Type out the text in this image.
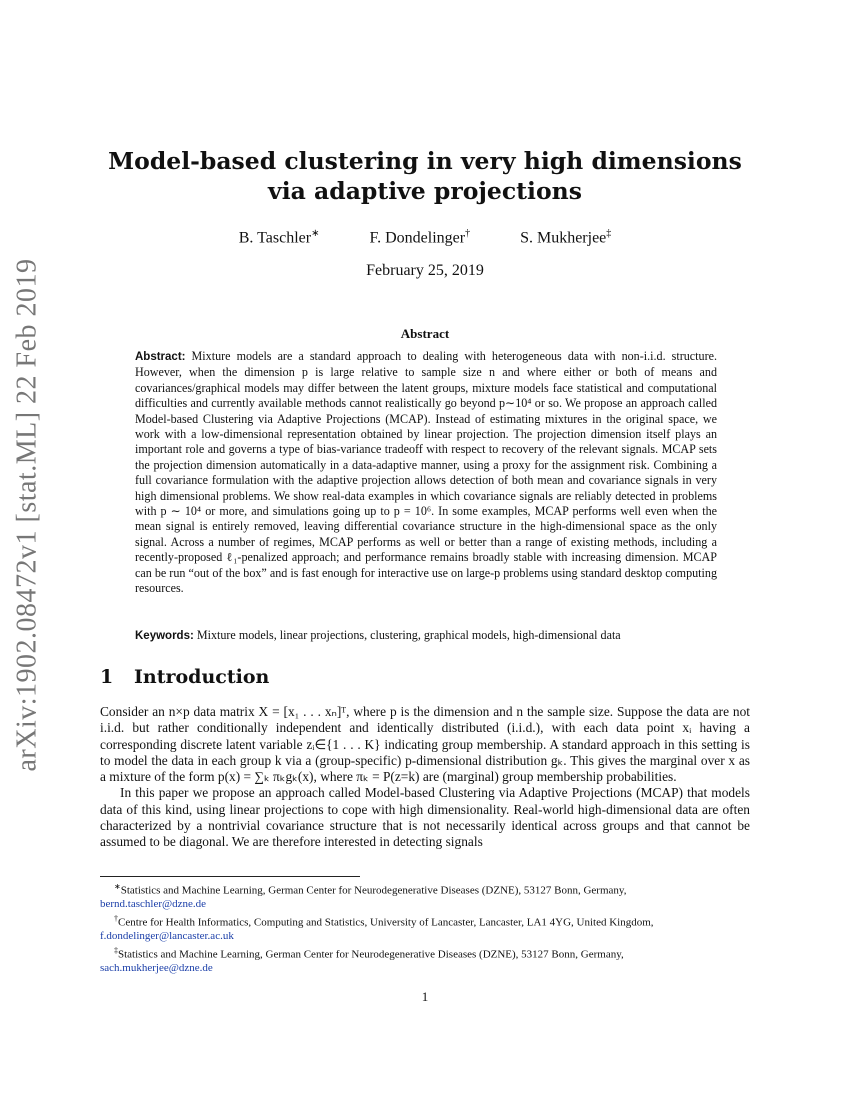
arXiv:1902.08472v1 [stat.ML] 22 Feb 2019
Model-based clustering in very high dimensions via adaptive projections
B. Taschler∗	F. Dondelinger†	S. Mukherjee‡
February 25, 2019
Abstract
Abstract: Mixture models are a standard approach to dealing with heterogeneous data with non-i.i.d. structure. However, when the dimension p is large relative to sample size n and where either or both of means and covariances/graphical models may differ between the latent groups, mixture models face statistical and computational difficulties and currently available methods cannot realistically go beyond p∼10⁴ or so. We propose an approach called Model-based Clustering via Adaptive Projections (MCAP). Instead of estimating mixtures in the original space, we work with a low-dimensional representation obtained by linear projection. The projection dimension itself plays an important role and governs a type of bias-variance tradeoff with respect to recovery of the relevant signals. MCAP sets the projection dimension automatically in a data-adaptive manner, using a proxy for the assignment risk. Combining a full covariance formulation with the adaptive projection allows detection of both mean and covariance signals in very high dimensional problems. We show real-data examples in which covariance signals are reliably detected in problems with p ∼ 10⁴ or more, and simulations going up to p = 10⁶. In some examples, MCAP performs well even when the mean signal is entirely removed, leaving differential covariance structure in the high-dimensional space as the only signal. Across a number of regimes, MCAP performs as well or better than a range of existing methods, including a recently-proposed ℓ₁-penalized approach; and performance remains broadly stable with increasing dimension. MCAP can be run “out of the box” and is fast enough for interactive use on large-p problems using standard desktop computing resources.
Keywords: Mixture models, linear projections, clustering, graphical models, high-dimensional data
1 Introduction

Consider an n×p data matrix X = [x₁ . . . xₙ]ᵀ, where p is the dimension and n the sample size. Suppose the data are not i.i.d. but rather conditionally independent and identically distributed (i.i.d.), with each data point xᵢ having a corresponding discrete latent variable zᵢ∈{1 . . . K} indicating group membership. A standard approach in this setting is to model the data in each group k via a (group-specific) p-dimensional distribution gₖ. This gives the marginal over x as a mixture of the form p(x) = ∑ₖ πₖgₖ(x), where πₖ = P(z=k) are (marginal) group membership probabilities.

In this paper we propose an approach called Model-based Clustering via Adaptive Projections (MCAP) that models data of this kind, using linear projections to cope with high dimensionality. Real-world high-dimensional data are often characterized by a nontrivial covariance structure that is not necessarily identical across groups and that cannot be assumed to be diagonal. We are therefore interested in detecting signals

∗Statistics and Machine Learning, German Center for Neurodegenerative Diseases (DZNE), 53127 Bonn, Germany,
bernd.taschler@dzne.de
†Centre for Health Informatics, Computing and Statistics, University of Lancaster, Lancaster, LA1 4YG, United Kingdom,
f.dondelinger@lancaster.ac.uk
‡Statistics and Machine Learning, German Center for Neurodegenerative Diseases (DZNE), 53127 Bonn, Germany,
sach.mukherjee@dzne.de
1
